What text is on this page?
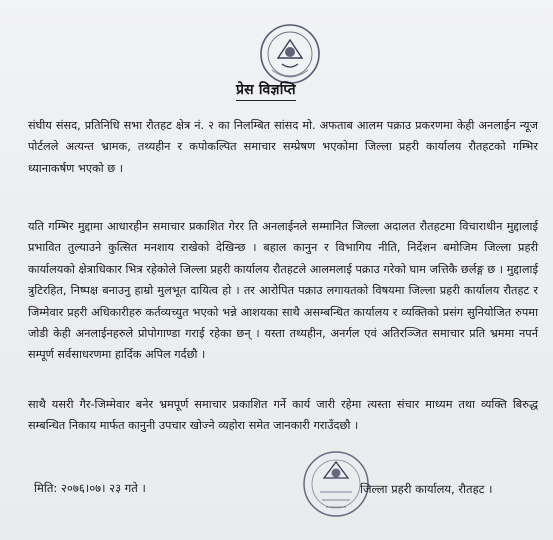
प्रेस विज्ञप्ति
संघीय संसद, प्रतिनिधि सभा रौतहट क्षेत्र नं. २ का निलम्बित सांसद मो. अफताब आलम पक्राउ प्रकरणमा केही अनलाईन न्यूज पोर्टलले अत्यन्त भ्रामक, तथ्यहीन र कपोकल्पित समाचार सम्प्रेषण भएकोमा जिल्ला प्रहरी कार्यालय रौतहटको गम्भिर ध्यानाकर्षण भएको छ ।
यति गम्भिर मुद्दामा आधारहीन समाचार प्रकाशित गेरर ति अनलाईनले सम्मानित जिल्ला अदालत रौतहटमा विचाराधीन मुद्दालाई प्रभावित तुल्याउने कुत्सित मनशाय राखेको देखिन्छ । बहाल कानुन र विभागिय नीति, निर्देशन बमोजिम जिल्ला प्रहरी कार्यालयको क्षेत्राधिकार भित्र रहेकोले जिल्ला प्रहरी कार्यालय रौतहटले आलमलाई पक्राउ गरेको घाम जत्तिकै छर्लङ्ग छ । मुद्दालाई त्रुटिरहित, निष्पक्ष बनाउनु हाम्रो मुलभूत दायित्व हो । तर आरोपित पक्राउ लगायतको विषयमा जिल्ला प्रहरी कार्यालय रौतहट र जिम्मेवार प्रहरी अधिकारीहरु कर्तव्यच्युत भएको भन्ने आशयका साथै असम्बन्धित कार्यालय र व्यक्तिको प्रसंग सुनियोजित रुपमा जोडी केही अनलाईनहरुले प्रोपोगाण्डा गराई रहेका छन् । यस्ता तथ्यहीन, अनर्गल एवं अतिरञ्जित समाचार प्रति भ्रममा नपर्न सम्पूर्ण सर्वसाधरणमा हार्दिक अपिल गर्दछौ ।
साथै यसरी गैर-जिम्मेवार बनेर भ्रमपूर्ण समाचार प्रकाशित गर्ने कार्य जारी रहेमा त्यस्ता संचार माध्यम तथा व्यक्ति बिरुद्ध सम्बन्धित निकाय मार्फत कानुनी उपचार खोज्ने व्यहोरा समेत जानकारी गराउँदछौ ।
मिति: २०७६।०७। २३ गते ।	जिल्ला प्रहरी कार्यालय, रौतहट ।
